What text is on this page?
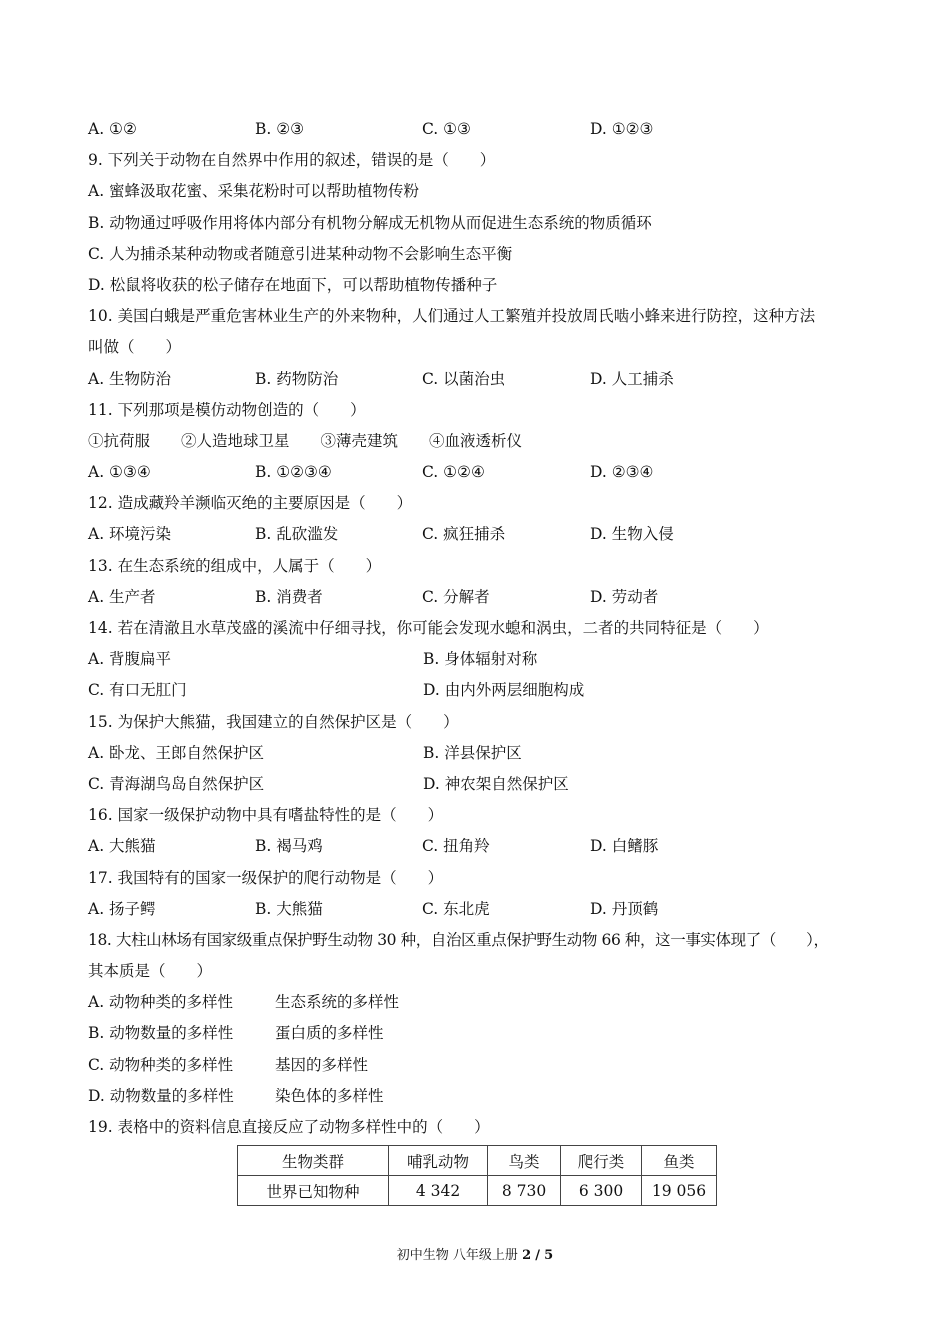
A. ①②	B. ②③	C. ①③	D. ①②③
9. 下列关于动物在自然界中作用的叙述，错误的是（　　）
A. 蜜蜂汲取花蜜、采集花粉时可以帮助植物传粉
B. 动物通过呼吸作用将体内部分有机物分解成无机物从而促进生态系统的物质循环
C. 人为捕杀某种动物或者随意引进某种动物不会影响生态平衡
D. 松鼠将收获的松子储存在地面下，可以帮助植物传播种子
10. 美国白蛾是严重危害林业生产的外来物种，人们通过人工繁殖并投放周氏啮小蜂来进行防控，这种方法
叫做（　　）
A. 生物防治	B. 药物防治	C. 以菌治虫	D. 人工捕杀
11. 下列那项是模仿动物创造的（　　）
①抗荷服　　②人造地球卫星　　③薄壳建筑　　④血液透析仪
A. ①③④	B. ①②③④	C. ①②④	D. ②③④
12. 造成藏羚羊濒临灭绝的主要原因是（　　）
A. 环境污染	B. 乱砍滥发	C. 疯狂捕杀	D. 生物入侵
13. 在生态系统的组成中，人属于（　　）
A. 生产者	B. 消费者	C. 分解者	D. 劳动者
14. 若在清澈且水草茂盛的溪流中仔细寻找，你可能会发现水螅和涡虫，二者的共同特征是（　　）
A. 背腹扁平	B. 身体辐射对称
C. 有口无肛门	D. 由内外两层细胞构成
15. 为保护大熊猫，我国建立的自然保护区是（　　）
A. 卧龙、王郎自然保护区	B. 洋县保护区
C. 青海湖鸟岛自然保护区	D. 神农架自然保护区
16. 国家一级保护动物中具有嗜盐特性的是（　　）
A. 大熊猫	B. 褐马鸡	C. 扭角羚	D. 白鳍豚
17. 我国特有的国家一级保护的爬行动物是（　　）
A. 扬子鳄	B. 大熊猫	C. 东北虎	D. 丹顶鹤
18. 大柱山林场有国家级重点保护野生动物 30 种，自治区重点保护野生动物 66 种，这一事实体现了（　　），
其本质是（　　）
A. 动物种类的多样性	生态系统的多样性
B. 动物数量的多样性	蛋白质的多样性
C. 动物种类的多样性	基因的多样性
D. 动物数量的多样性	染色体的多样性
19. 表格中的资料信息直接反应了动物多样性中的（　　）
生物类群	哺乳动物	鸟类	爬行类	鱼类
世界已知物种	4 342	8 730	6 300	19 056
初中生物 八年级上册 2 / 5
